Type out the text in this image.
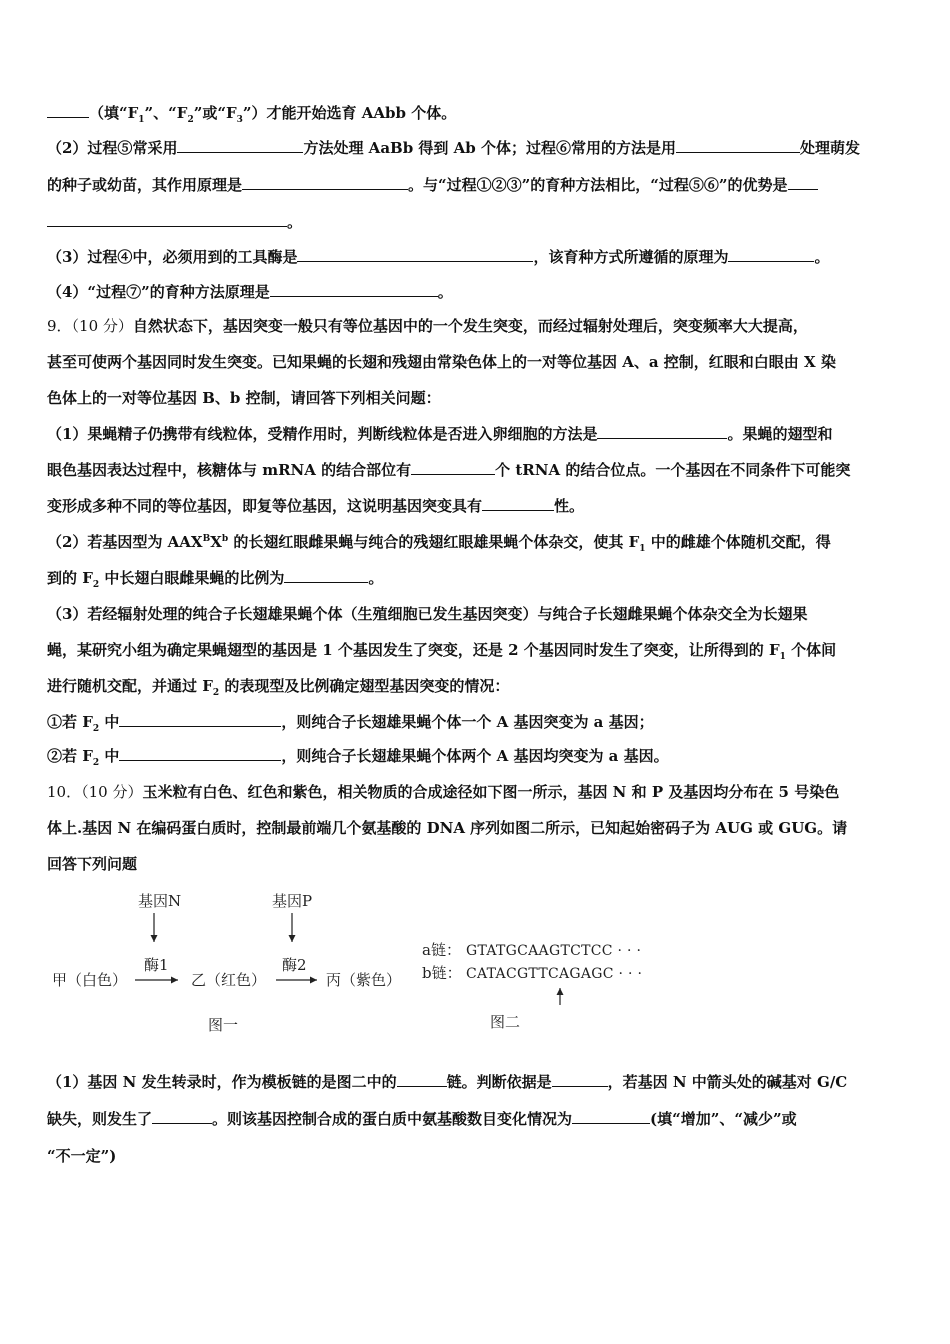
（填“$F_1$”、“$F_2$”或“$F_3$”）才能开始选育 AAbb 个体。
（2）过程⑤常采用	方法处理 AaBb 得到 Ab 个体；过程⑥常用的方法是用	处理萌发
的种子或幼苗，其作用原理是	。与“过程①②③”的育种方法相比，“过程⑤⑥”的优势是
。
（3）过程④中，必须用到的工具酶是	，该育种方式所遵循的原理为	。
（4）“过程⑦”的育种方法原理是	。
9．（10 分）自然状态下，基因突变一般只有等位基因中的一个发生突变，而经过辐射处理后，突变频率大大提高，
甚至可使两个基因同时发生突变。已知果蝇的长翅和残翅由常染色体上的一对等位基因 A、a 控制，红眼和白眼由 X 染
色体上的一对等位基因 B、b 控制，请回答下列相关问题：
（1）果蝇精子仍携带有线粒体，受精作用时，判断线粒体是否进入卵细胞的方法是	。果蝇的翅型和
眼色基因表达过程中，核糖体与 mRNA 的结合部位有	个 tRNA 的结合位点。一个基因在不同条件下可能突
变形成多种不同的等位基因，即复等位基因，这说明基因突变具有	性。
（2）若基因型为 $AAX^BX^b$ 的长翅红眼雌果蝇与纯合的残翅红眼雄果蝇个体杂交，使其 $F_1$ 中的雌雄个体随机交配，得
到的 $F_2$ 中长翅白眼雌果蝇的比例为	。
（3）若经辐射处理的纯合子长翅雄果蝇个体（生殖细胞已发生基因突变）与纯合子长翅雌果蝇个体杂交全为长翅果
蝇，某研究小组为确定果蝇翅型的基因是 1 个基因发生了突变，还是 2 个基因同时发生了突变，让所得到的 $F_1$ 个体间
进行随机交配，并通过 $F_2$ 的表现型及比例确定翅型基因突变的情况：
①若 $F_2$ 中	，则纯合子长翅雄果蝇个体一个 A 基因突变为 a 基因；
②若 $F_2$ 中	，则纯合子长翅雄果蝇个体两个 A 基因均突变为 a 基因。
10．（10 分）玉米粒有白色、红色和紫色，相关物质的合成途径如下图一所示，基因 N 和 P 及基因均分布在 5 号染色
体上.基因 N 在编码蛋白质时，控制最前端几个氨基酸的 DNA 序列如图二所示，已知起始密码子为 AUG 或 GUG。请
回答下列问题
基因N
酶1
基因P
酶2
甲（白色）	乙（红色）	丙（紫色）
图一
a链： GTATGCAAGTCTCC · · ·
b链： CATACGTTCAGAGC · · ·
图二
（1）基因 N 发生转录时，作为模板链的是图二中的	链。判断依据是	，若基因 N 中箭头处的碱基对 G/C
缺失，则发生了	。则该基因控制合成的蛋白质中氨基酸数目变化情况为	(填“增加”、“减少”或
“不一定”)
